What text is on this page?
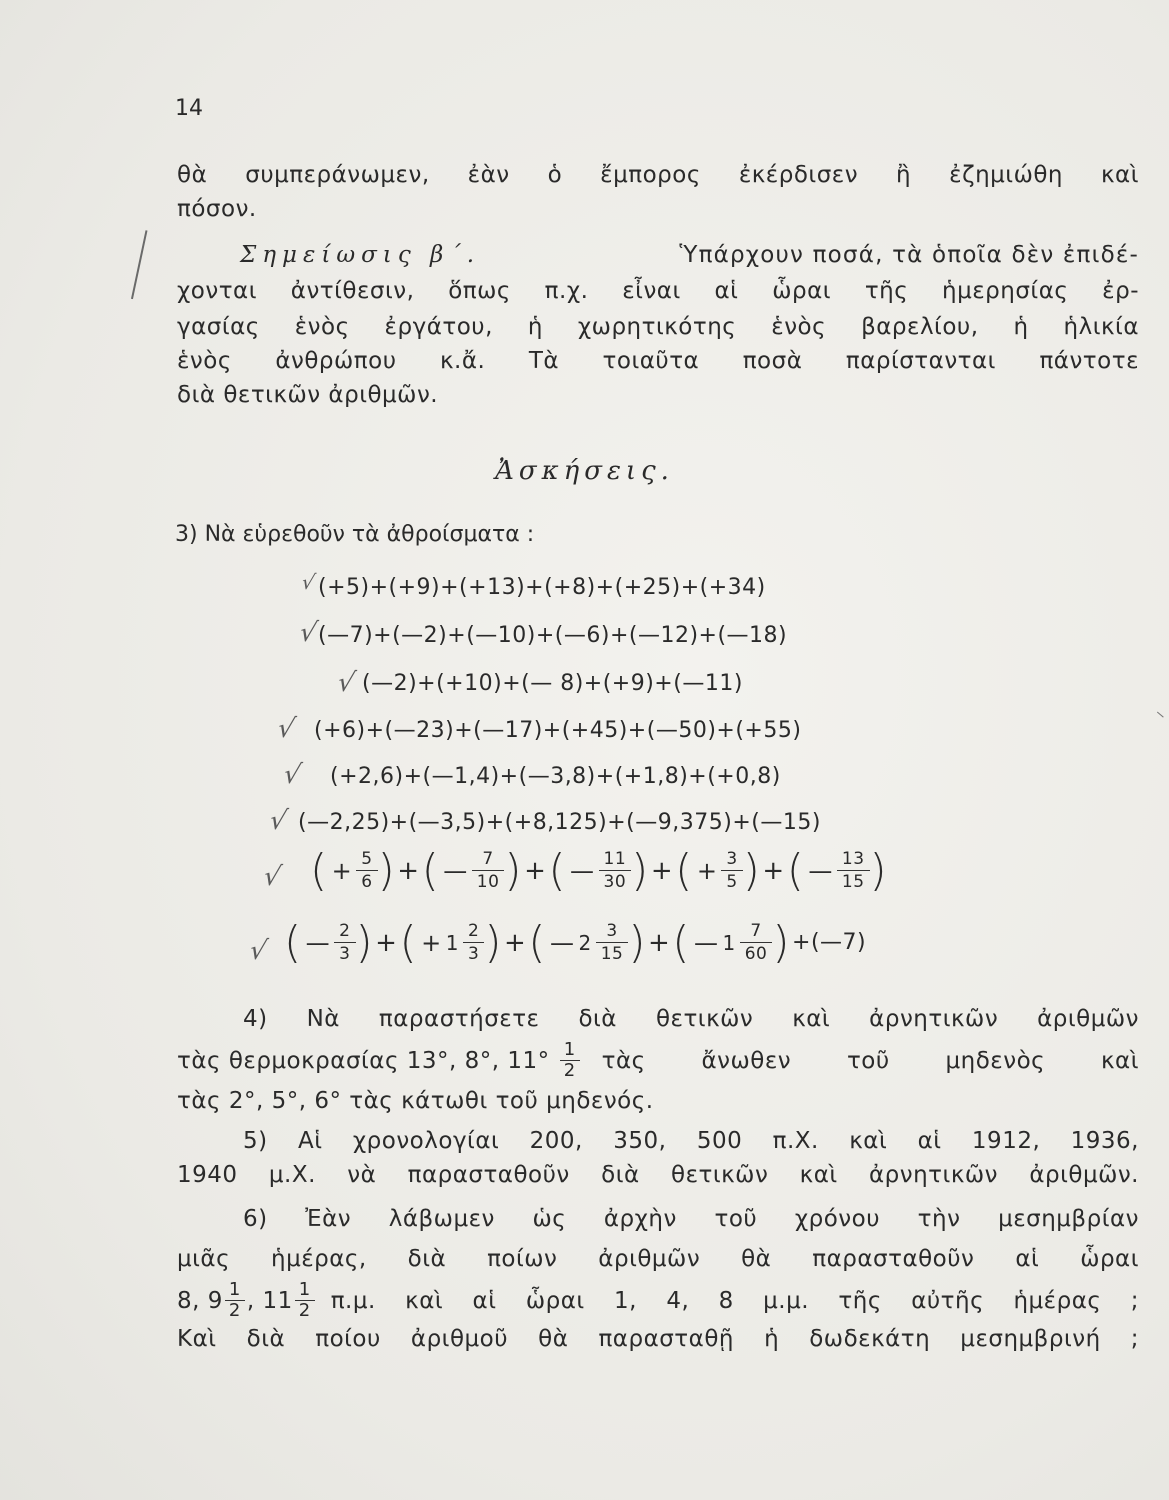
14
θὰ συμπεράνωμεν, ἐὰν ὁ ἔμπορος ἐκέρδισεν ἢ ἐζημιώθη καὶ
πόσον.
Σημείωσις β΄.	Ὑπάρχουν ποσά, τὰ ὁποῖα δὲν ἐπιδέ-
χονται ἀντίθεσιν, ὅπως π.χ. εἶναι αἱ ὧραι τῆς ἡμερησίας ἐρ-
γασίας ἑνὸς ἐργάτου, ἡ χωρητικότης ἑνὸς βαρελίου, ἡ ἡλικία
ἑνὸς ἀνθρώπου κ.ἄ. Τὰ τοιαῦτα ποσὰ παρίστανται πάντοτε
διὰ θετικῶν ἀριθμῶν.
Ἀσκήσεις.
3) Νὰ εὑρεθοῦν τὰ ἀθροίσματα :
√
√
√
√
√
√
√
√
(+5)+(+9)+(+13)+(+8)+(+25)+(+34)
(—7)+(—2)+(—10)+(—6)+(—12)+(—18)
(—2)+(+10)+(— 8)+(+9)+(—11)
(+6)+(—23)+(—17)+(+45)+(—50)+(+55)
(+2,6)+(—1,4)+(—3,8)+(+1,8)+(+0,8)
(—2,25)+(—3,5)+(+8,125)+(—9,375)+(—15)
( + $\frac{5}{6}$ ) + ( — $\frac{7}{10}$ ) + ( — $\frac{11}{30}$ ) + ( + $\frac{3}{5}$ ) + ( — $\frac{13}{15}$ )
( — $\frac{2}{3}$ ) + ( + $1 \frac{2}{3}$ ) + ( — $2 \frac{3}{15}$ ) + ( — $1 \frac{7}{60}$ ) +(—7)
4) Νὰ παραστήσετε διὰ θετικῶν καὶ ἀρνητικῶν ἀριθμῶν
τὰς θερμοκρασίας 13°, 8°, $11^\circ \frac{1}{2}$ τὰς ἄνωθεν τοῦ μηδενὸς καὶ
τὰς 2°, 5°, 6° τὰς κάτωθι τοῦ μηδενός.
5) Αἱ χρονολογίαι 200, 350, 500 π.Χ. καὶ αἱ 1912, 1936,
1940 μ.Χ. νὰ παρασταθοῦν διὰ θετικῶν καὶ ἀρνητικῶν ἀριθμῶν.
6) Ἐὰν λάβωμεν ὡς ἀρχὴν τοῦ χρόνου τὴν μεσημβρίαν
μιᾶς ἡμέρας, διὰ ποίων ἀριθμῶν θὰ παρασταθοῦν αἱ ὧραι
8, $9 \frac{1}{2}$ , $11 \frac{1}{2} \pi.\mu$. καὶ αἱ ὧραι 1, 4, 8 μ.μ. τῆς αὐτῆς ἡμέρας ;
Καὶ διὰ ποίου ἀριθμοῦ θὰ παρασταθῇ ἡ δωδεκάτη μεσημβρινή ;
